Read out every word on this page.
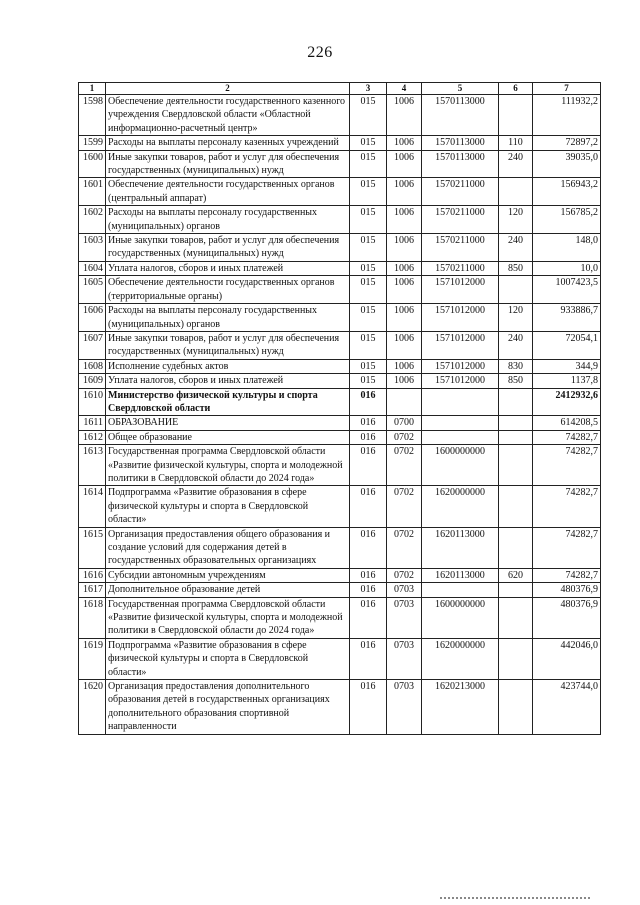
226
1	2	3	4	5	6	7
1598	Обеспечение деятельности государственного казенного учреждения Свердловской области «Областной информационно-расчетный центр»	015	1006	1570113000		111932,2
1599	Расходы на выплаты персоналу казенных учреждений	015	1006	1570113000	110	72897,2
1600	Иные закупки товаров, работ и услуг для обеспечения государственных (муниципальных) нужд	015	1006	1570113000	240	39035,0
1601	Обеспечение деятельности государственных органов (центральный аппарат)	015	1006	1570211000		156943,2
1602	Расходы на выплаты персоналу государственных (муниципальных) органов	015	1006	1570211000	120	156785,2
1603	Иные закупки товаров, работ и услуг для обеспечения государственных (муниципальных) нужд	015	1006	1570211000	240	148,0
1604	Уплата налогов, сборов и иных платежей	015	1006	1570211000	850	10,0
1605	Обеспечение деятельности государственных органов (территориальные органы)	015	1006	1571012000		1007423,5
1606	Расходы на выплаты персоналу государственных (муниципальных) органов	015	1006	1571012000	120	933886,7
1607	Иные закупки товаров, работ и услуг для обеспечения государственных (муниципальных) нужд	015	1006	1571012000	240	72054,1
1608	Исполнение судебных актов	015	1006	1571012000	830	344,9
1609	Уплата налогов, сборов и иных платежей	015	1006	1571012000	850	1137,8
1610	Министерство физической культуры и спорта Свердловской области	016				2412932,6
1611	ОБРАЗОВАНИЕ	016	0700			614208,5
1612	Общее образование	016	0702			74282,7
1613	Государственная программа Свердловской области «Развитие физической культуры, спорта и молодежной политики в Свердловской области до 2024 года»	016	0702	1600000000		74282,7
1614	Подпрограмма «Развитие образования в сфере физической культуры и спорта в Свердловской области»	016	0702	1620000000		74282,7
1615	Организация предоставления общего образования и создание условий для содержания детей в государственных образовательных организациях	016	0702	1620113000		74282,7
1616	Субсидии автономным учреждениям	016	0702	1620113000	620	74282,7
1617	Дополнительное образование детей	016	0703			480376,9
1618	Государственная программа Свердловской области «Развитие физической культуры, спорта и молодежной политики в Свердловской области до 2024 года»	016	0703	1600000000		480376,9
1619	Подпрограмма «Развитие образования в сфере физической культуры и спорта в Свердловской области»	016	0703	1620000000		442046,0
1620	Организация предоставления дополнительного образования детей в государственных организациях дополнительного образования спортивной направленности	016	0703	1620213000		423744,0
